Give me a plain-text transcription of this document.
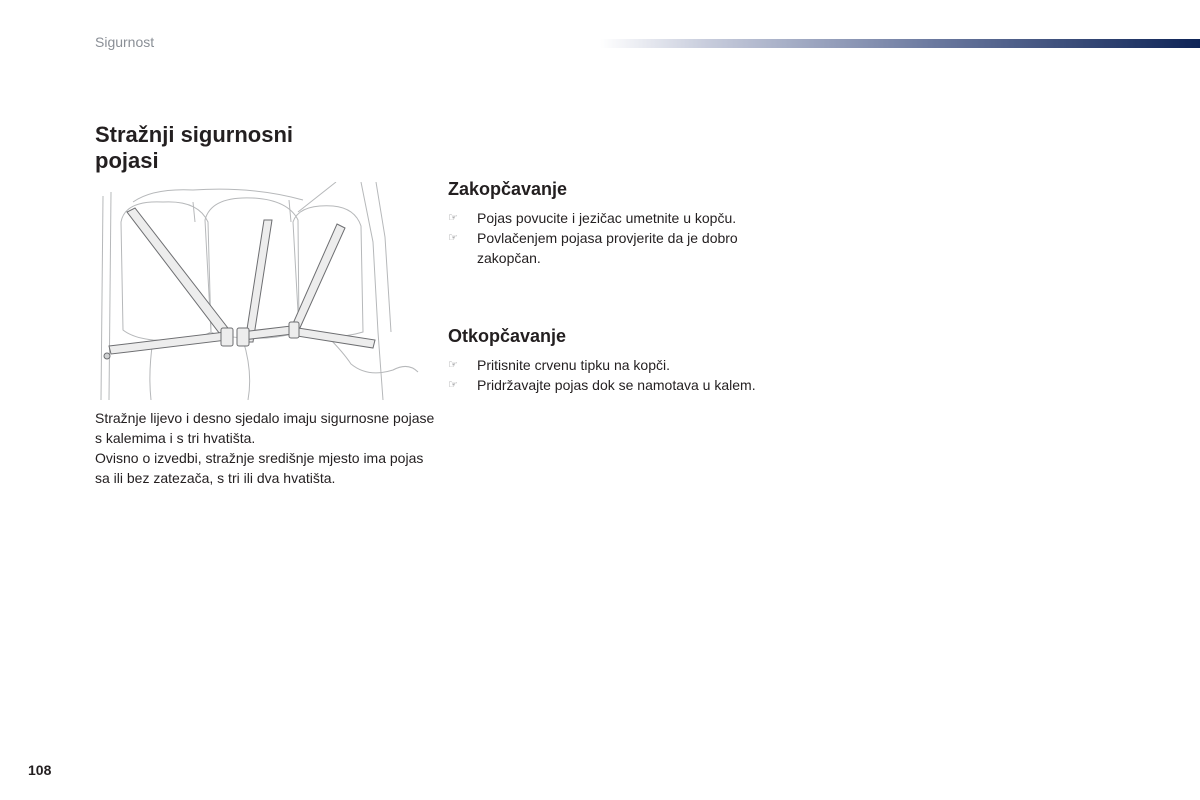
Sigurnost
Stražnji sigurnosni pojasi

Stražnje lijevo i desno sjedalo imaju sigurnosne pojase s kalemima i s tri hvatišta.

Ovisno o izvedbi, stražnje središnje mjesto ima pojas sa ili bez zatezača, s tri ili dva hvatišta.

Zakopčavanje
☞ Pojas povucite i jezičac umetnite u kopču.
☞ Povlačenjem pojasa provjerite da je dobro zakopčan.
Otkopčavanje
☞ Pritisnite crvenu tipku na kopči.
☞ Pridržavajte pojas dok se namotava u kalem.
108
